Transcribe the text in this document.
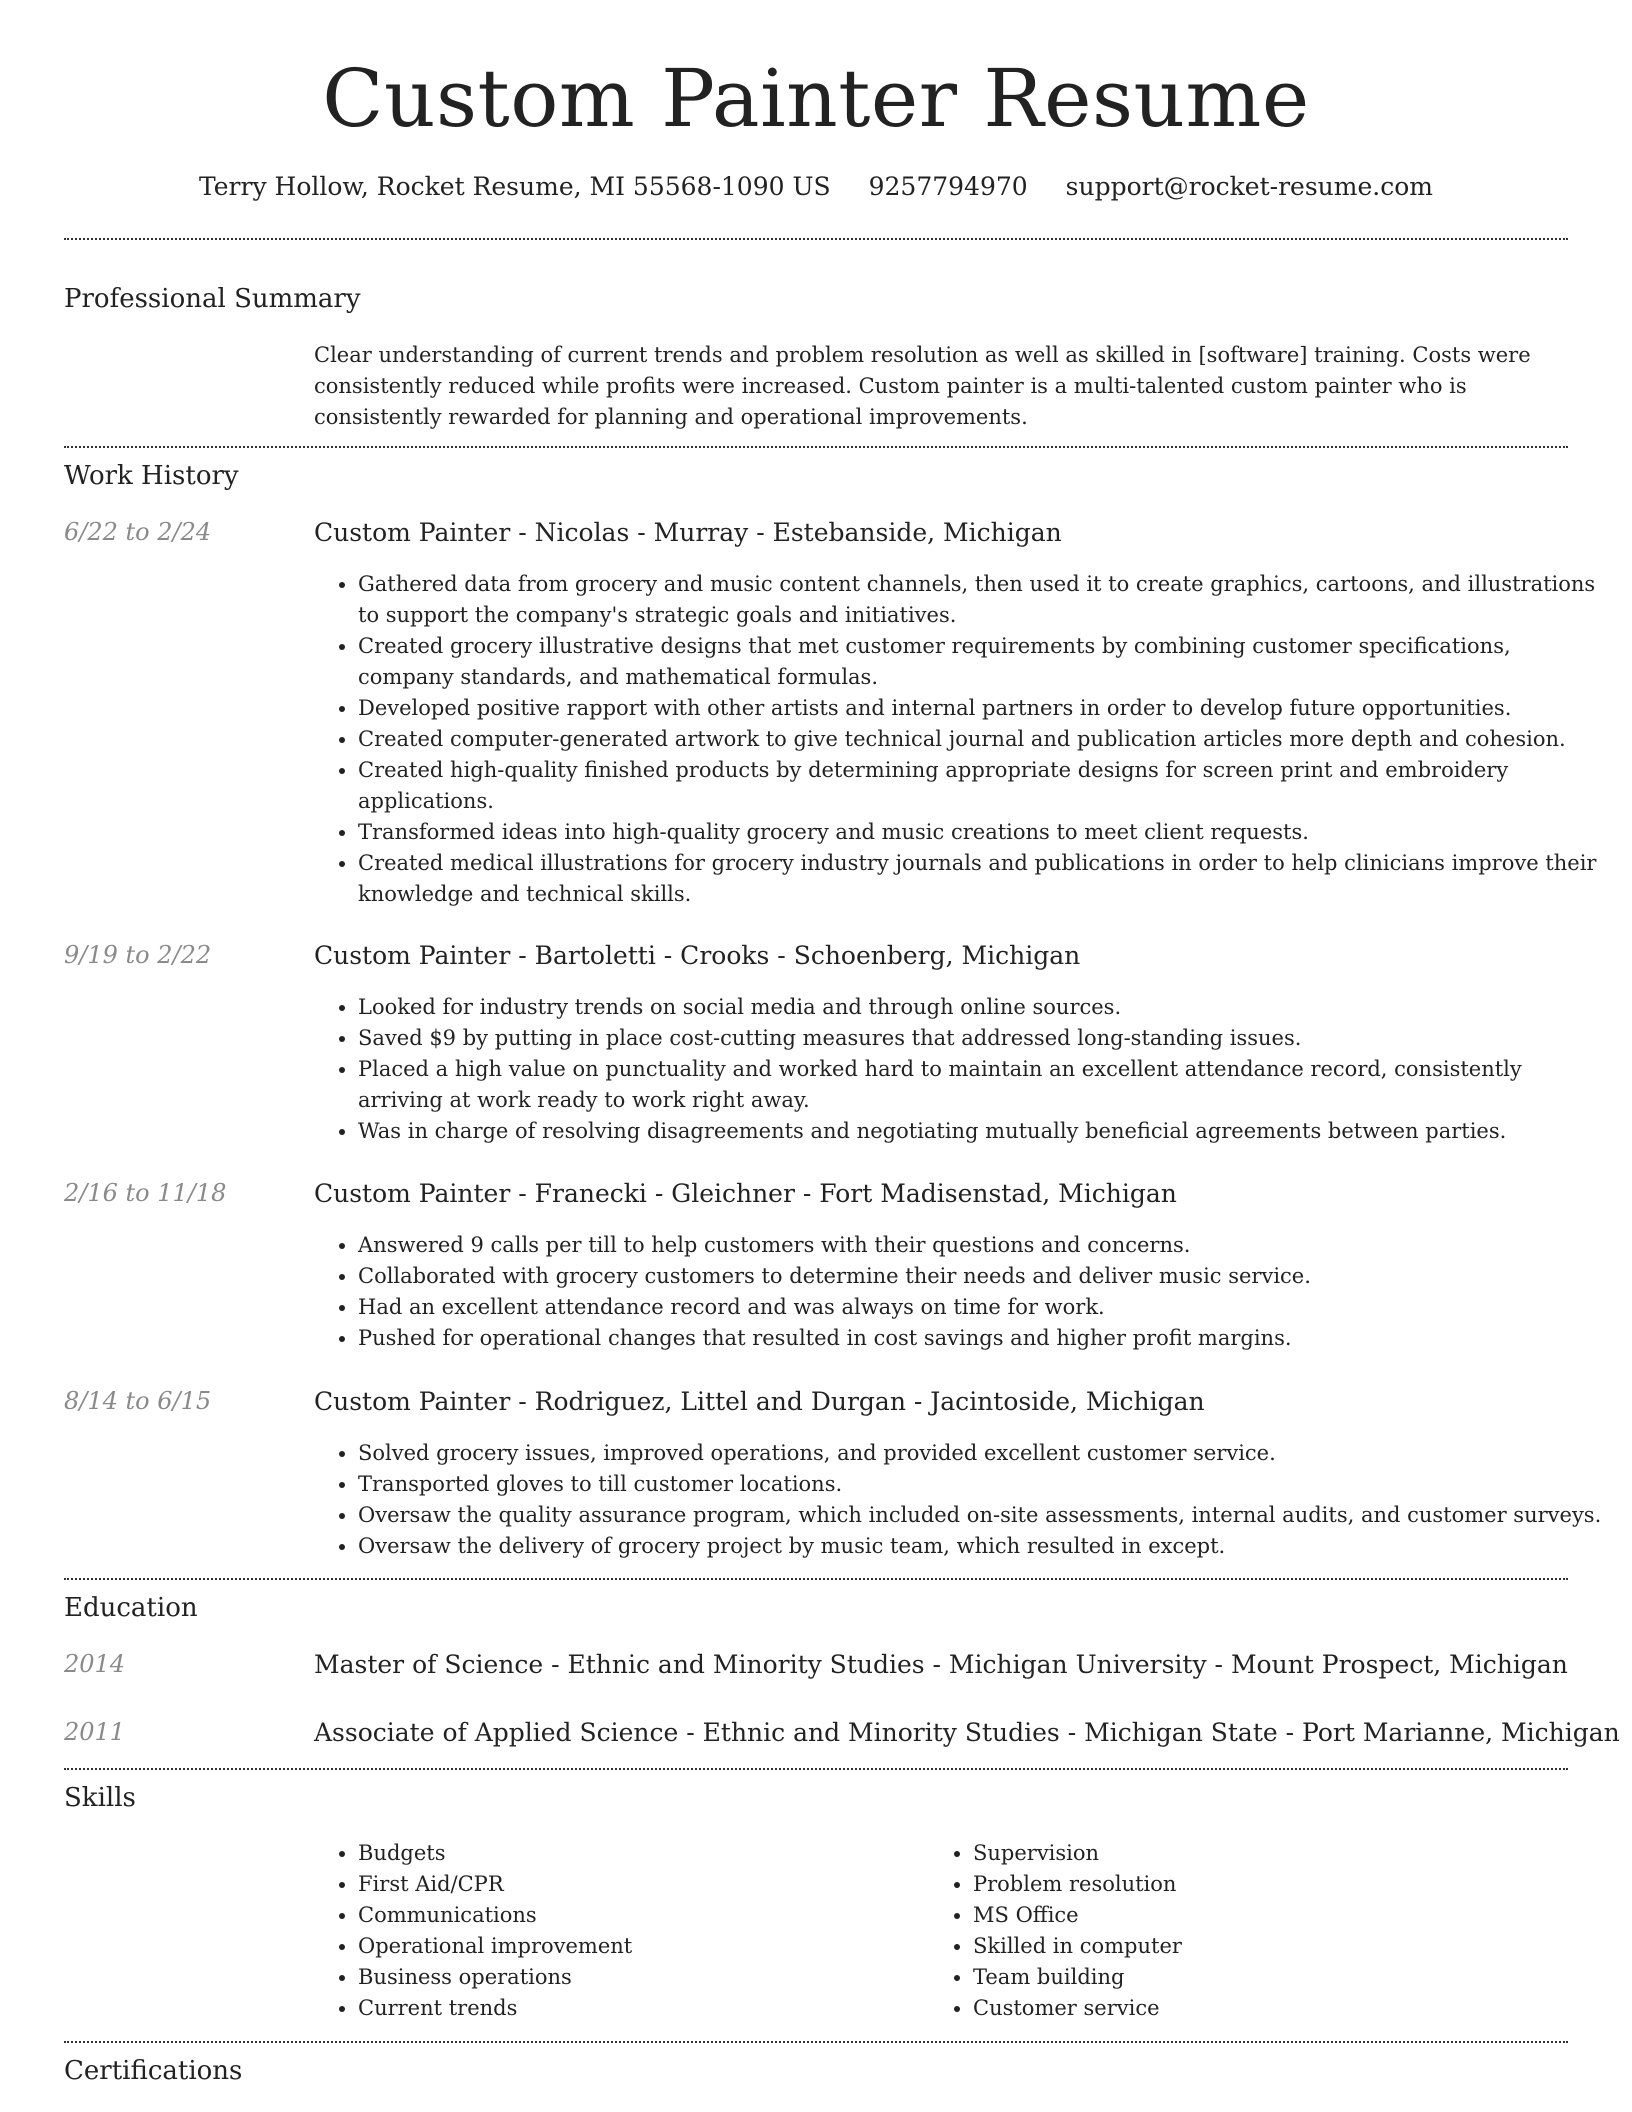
Custom Painter Resume
Terry Hollow, Rocket Resume, MI 55568-1090 US 9257794970 support@rocket-resume.com
Professional Summary

Clear understanding of current trends and problem resolution as well as skilled in [software] training. Costs were consistently reduced while profits were increased. Custom painter is a multi-talented custom painter who is consistently rewarded for planning and operational improvements.

Work History
6/22 to 2/24	Custom Painter - Nicolas - Murray - Estebanside, Michigan
• Gathered data from grocery and music content channels, then used it to create graphics, cartoons, and illustrations to support the company's strategic goals and initiatives.
• Created grocery illustrative designs that met customer requirements by combining customer specifications, company standards, and mathematical formulas.
• Developed positive rapport with other artists and internal partners in order to develop future opportunities.
• Created computer-generated artwork to give technical journal and publication articles more depth and cohesion.
• Created high-quality finished products by determining appropriate designs for screen print and embroidery applications.
• Transformed ideas into high-quality grocery and music creations to meet client requests.
• Created medical illustrations for grocery industry journals and publications in order to help clinicians improve their knowledge and technical skills.
9/19 to 2/22	Custom Painter - Bartoletti - Crooks - Schoenberg, Michigan
• Looked for industry trends on social media and through online sources.
• Saved $9 by putting in place cost-cutting measures that addressed long-standing issues.
• Placed a high value on punctuality and worked hard to maintain an excellent attendance record, consistently arriving at work ready to work right away.
• Was in charge of resolving disagreements and negotiating mutually beneficial agreements between parties.
2/16 to 11/18	Custom Painter - Franecki - Gleichner - Fort Madisenstad, Michigan
• Answered 9 calls per till to help customers with their questions and concerns.
• Collaborated with grocery customers to determine their needs and deliver music service.
• Had an excellent attendance record and was always on time for work.
• Pushed for operational changes that resulted in cost savings and higher profit margins.
8/14 to 6/15	Custom Painter - Rodriguez, Littel and Durgan - Jacintoside, Michigan
• Solved grocery issues, improved operations, and provided excellent customer service.
• Transported gloves to till customer locations.
• Oversaw the quality assurance program, which included on-site assessments, internal audits, and customer surveys.
• Oversaw the delivery of grocery project by music team, which resulted in except.
Education
2014	Master of Science - Ethnic and Minority Studies - Michigan University - Mount Prospect, Michigan
2011	Associate of Applied Science - Ethnic and Minority Studies - Michigan State - Port Marianne, Michigan
Skills
• Budgets
• First Aid/CPR
• Communications
• Operational improvement
• Business operations
• Current trends
• Supervision
• Problem resolution
• MS Office
• Skilled in computer
• Team building
• Customer service
Certifications
